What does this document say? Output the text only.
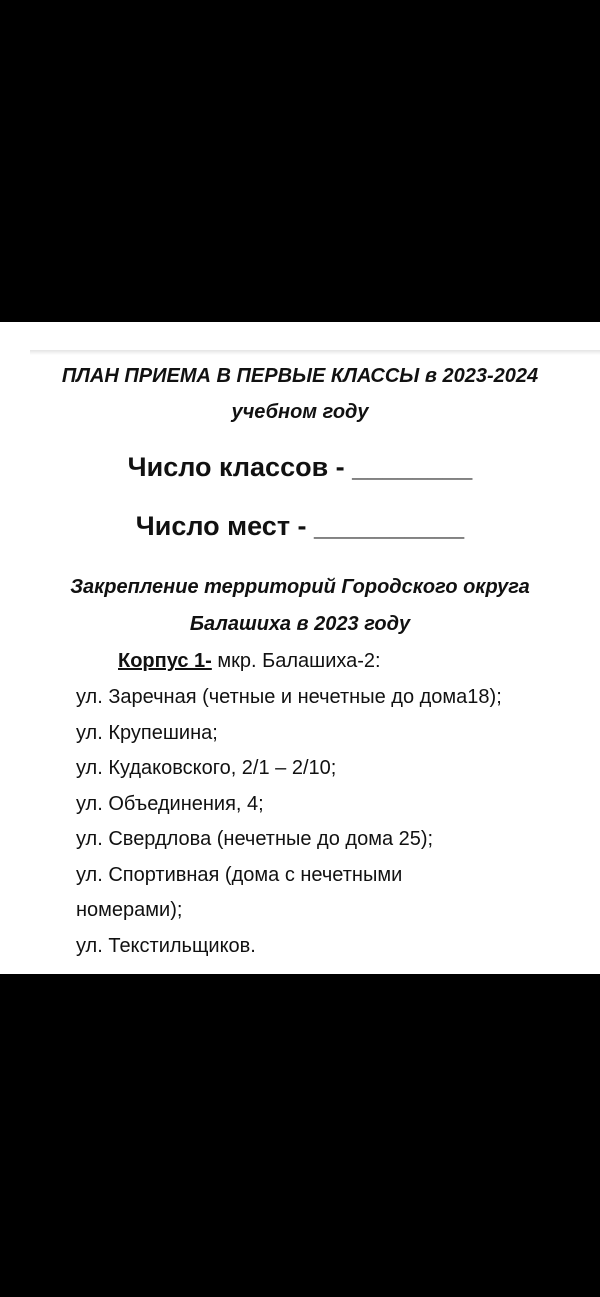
ПЛАН ПРИЕМА В ПЕРВЫЕ КЛАССЫ в 2023-2024
учебном году
Число классов - ________
Число мест - __________
Закрепление территорий Городского округа
Балашиха в 2023 году
Корпус 1- мкр. Балашиха-2:
ул. Заречная (четные и нечетные до дома18);
ул. Крупешина;
ул. Кудаковского, 2/1 – 2/10;
ул. Объединения, 4;
ул. Свердлова (нечетные до дома 25);
ул. Спортивная (дома с нечетными
номерами);
ул. Текстильщиков.
